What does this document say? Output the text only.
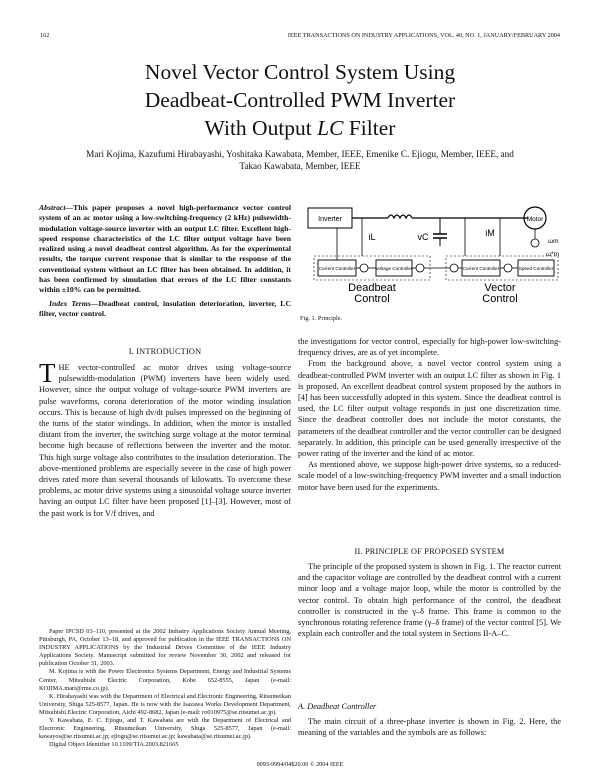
162	IEEE TRANSACTIONS ON INDUSTRY APPLICATIONS, VOL. 40, NO. 1, JANUARY/FEBRUARY 2004
Novel Vector Control System Using
Deadbeat-Controlled PWM Inverter
With Output LC Filter
Mari Kojima, Kazufumi Hirabayashi, Yoshitaka Kawabata, Member, IEEE, Emenike C. Ejiogu, Member, IEEE, and
Takao Kawabata, Member, IEEE

Abstract—This paper proposes a novel high-performance vector control system of an ac motor using a low-switching-frequency (2 kHz) pulsewidth-modulation voltage-source inverter with an output LC filter. Excellent high-speed response characteristics of the LC filter output voltage have been realized using a novel deadbeat control algorithm. As for the experimental results, the torque current response that is similar to the response of the conventional system without an LC filter has been obtained. In addition, it has been confirmed by simulation that errors of the LC filter constants within ±10% can be permitted.

Index Terms—Deadbeat control, insulation deterioration, inverter, LC filter, vector control.

Inverter	Motor
iL	vC	iM
Current Controller	Voltage Controller	Current Controller	Speed Controller
ωm
ω*m
Deadbeat
Control
Vector
Control
Fig. 1. Principle.
I. INTRODUCTION

THE vector-controlled ac motor drives using voltage-source pulsewidth-modulation (PWM) inverters have been widely used. However, since the output voltage of voltage-source PWM inverters are pulse waveforms, corona deterioration of the motor winding insulation occurs. This is because of high dv/dt pulses impressed on the beginning of the turns of the stator windings. In addition, when the motor is installed distant from the inverter, the switching surge voltage at the motor terminal become high because of reflections between the inverter and the motor. This high surge voltage also contributes to the insulation deterioration. The above-mentioned problems are especially severe in the case of high power drives rated more than several thousands of kilowatts. To overcome these problems, ac motor drive systems using a sinusoidal voltage source inverter having an output LC filter have been proposed [1]–[3]. However, most of the past work is for V/f drives, and

the investigations for vector control, especially for high-power low-switching-frequency drives, are as of yet incomplete.

From the background above, a novel vector control system using a deadbeat-controlled PWM inverter with an output LC filter as shown in Fig. 1 is proposed. An excellent deadbeat control system proposed by the authors in [4] has been successfully adopted in this system. Since the deadbeat control is used, the LC filter output voltage responds in just one discretization time. Since the deadbeat controller does not include the motor constants, the parameters of the deadbeat controller and the vector controller can be designed separately. In addition, this principle can be used generally irrespective of the power rating of the inverter and the kind of ac motor.

As mentioned above, we suppose high-power drive systems, so a reduced-scale model of a low-switching-frequency PWM inverter and a small induction motor have been used for the experiments.

II. PRINCIPLE OF PROPOSED SYSTEM

The principle of the proposed system is shown in Fig. 1. The reactor current and the capacitor voltage are controlled by the deadbeat control with a current minor loop and a voltage major loop, while the motor is controlled by the vector control. To obtain high performance of the control, the deadbeat controller is constructed in the γ–δ frame. This frame is common to the synchronous rotating reference frame (γ–δ frame) of the vector control [5]. We explain each controller and the total system in Sections II-A–C.

A. Deadbeat Controller

The main circuit of a three-phase inverter is shown in Fig. 2. Here, the meaning of the variables and the symbols are as follows:

Paper IPCSD 03–110, presented at the 2002 Industry Applications Society Annual Meeting, Pittsburgh, PA, October 13–18, and approved for publication in the IEEE TRANSACTIONS ON INDUSTRY APPLICATIONS by the Industrial Drives Committee of the IEEE Industry Applications Society. Manuscript submitted for review November 30, 2002 and released for publication October 31, 2003.

M. Kojima is with the Power Electronics Systems Department, Energy and Industrial Systems Center, Mitsubishi Electric Corporation, Kobe 652-8555, Japan (e-mail: KOJIMA.mari@rme.co.jp).

K. Hirabayashi was with the Department of Electrical and Electronic Engineering, Ritsumeikan University, Shiga 525-8577, Japan. He is now with the Isazawa Works Development Department, Mitsubishi Electric Corporation, Aichi 492-8682, Japan (e-mail: ro010975@se.ritsumei.ac.jp).

Y. Kawabata, E. C. Ejiogu, and T. Kawabata are with the Department of Electrical and Electronic Engineering, Ritsumeikan University, Shiga 525-8577, Japan (e-mail: kawayos@se.ritsumei.ac.jp; ejiogu@se.ritsumei.ac.jp; kawabata@se.ritsumei.ac.jp).

Digital Object Identifier 10.1109/TIA.2003.821665

0093-9994/04$20.00 © 2004 IEEE
